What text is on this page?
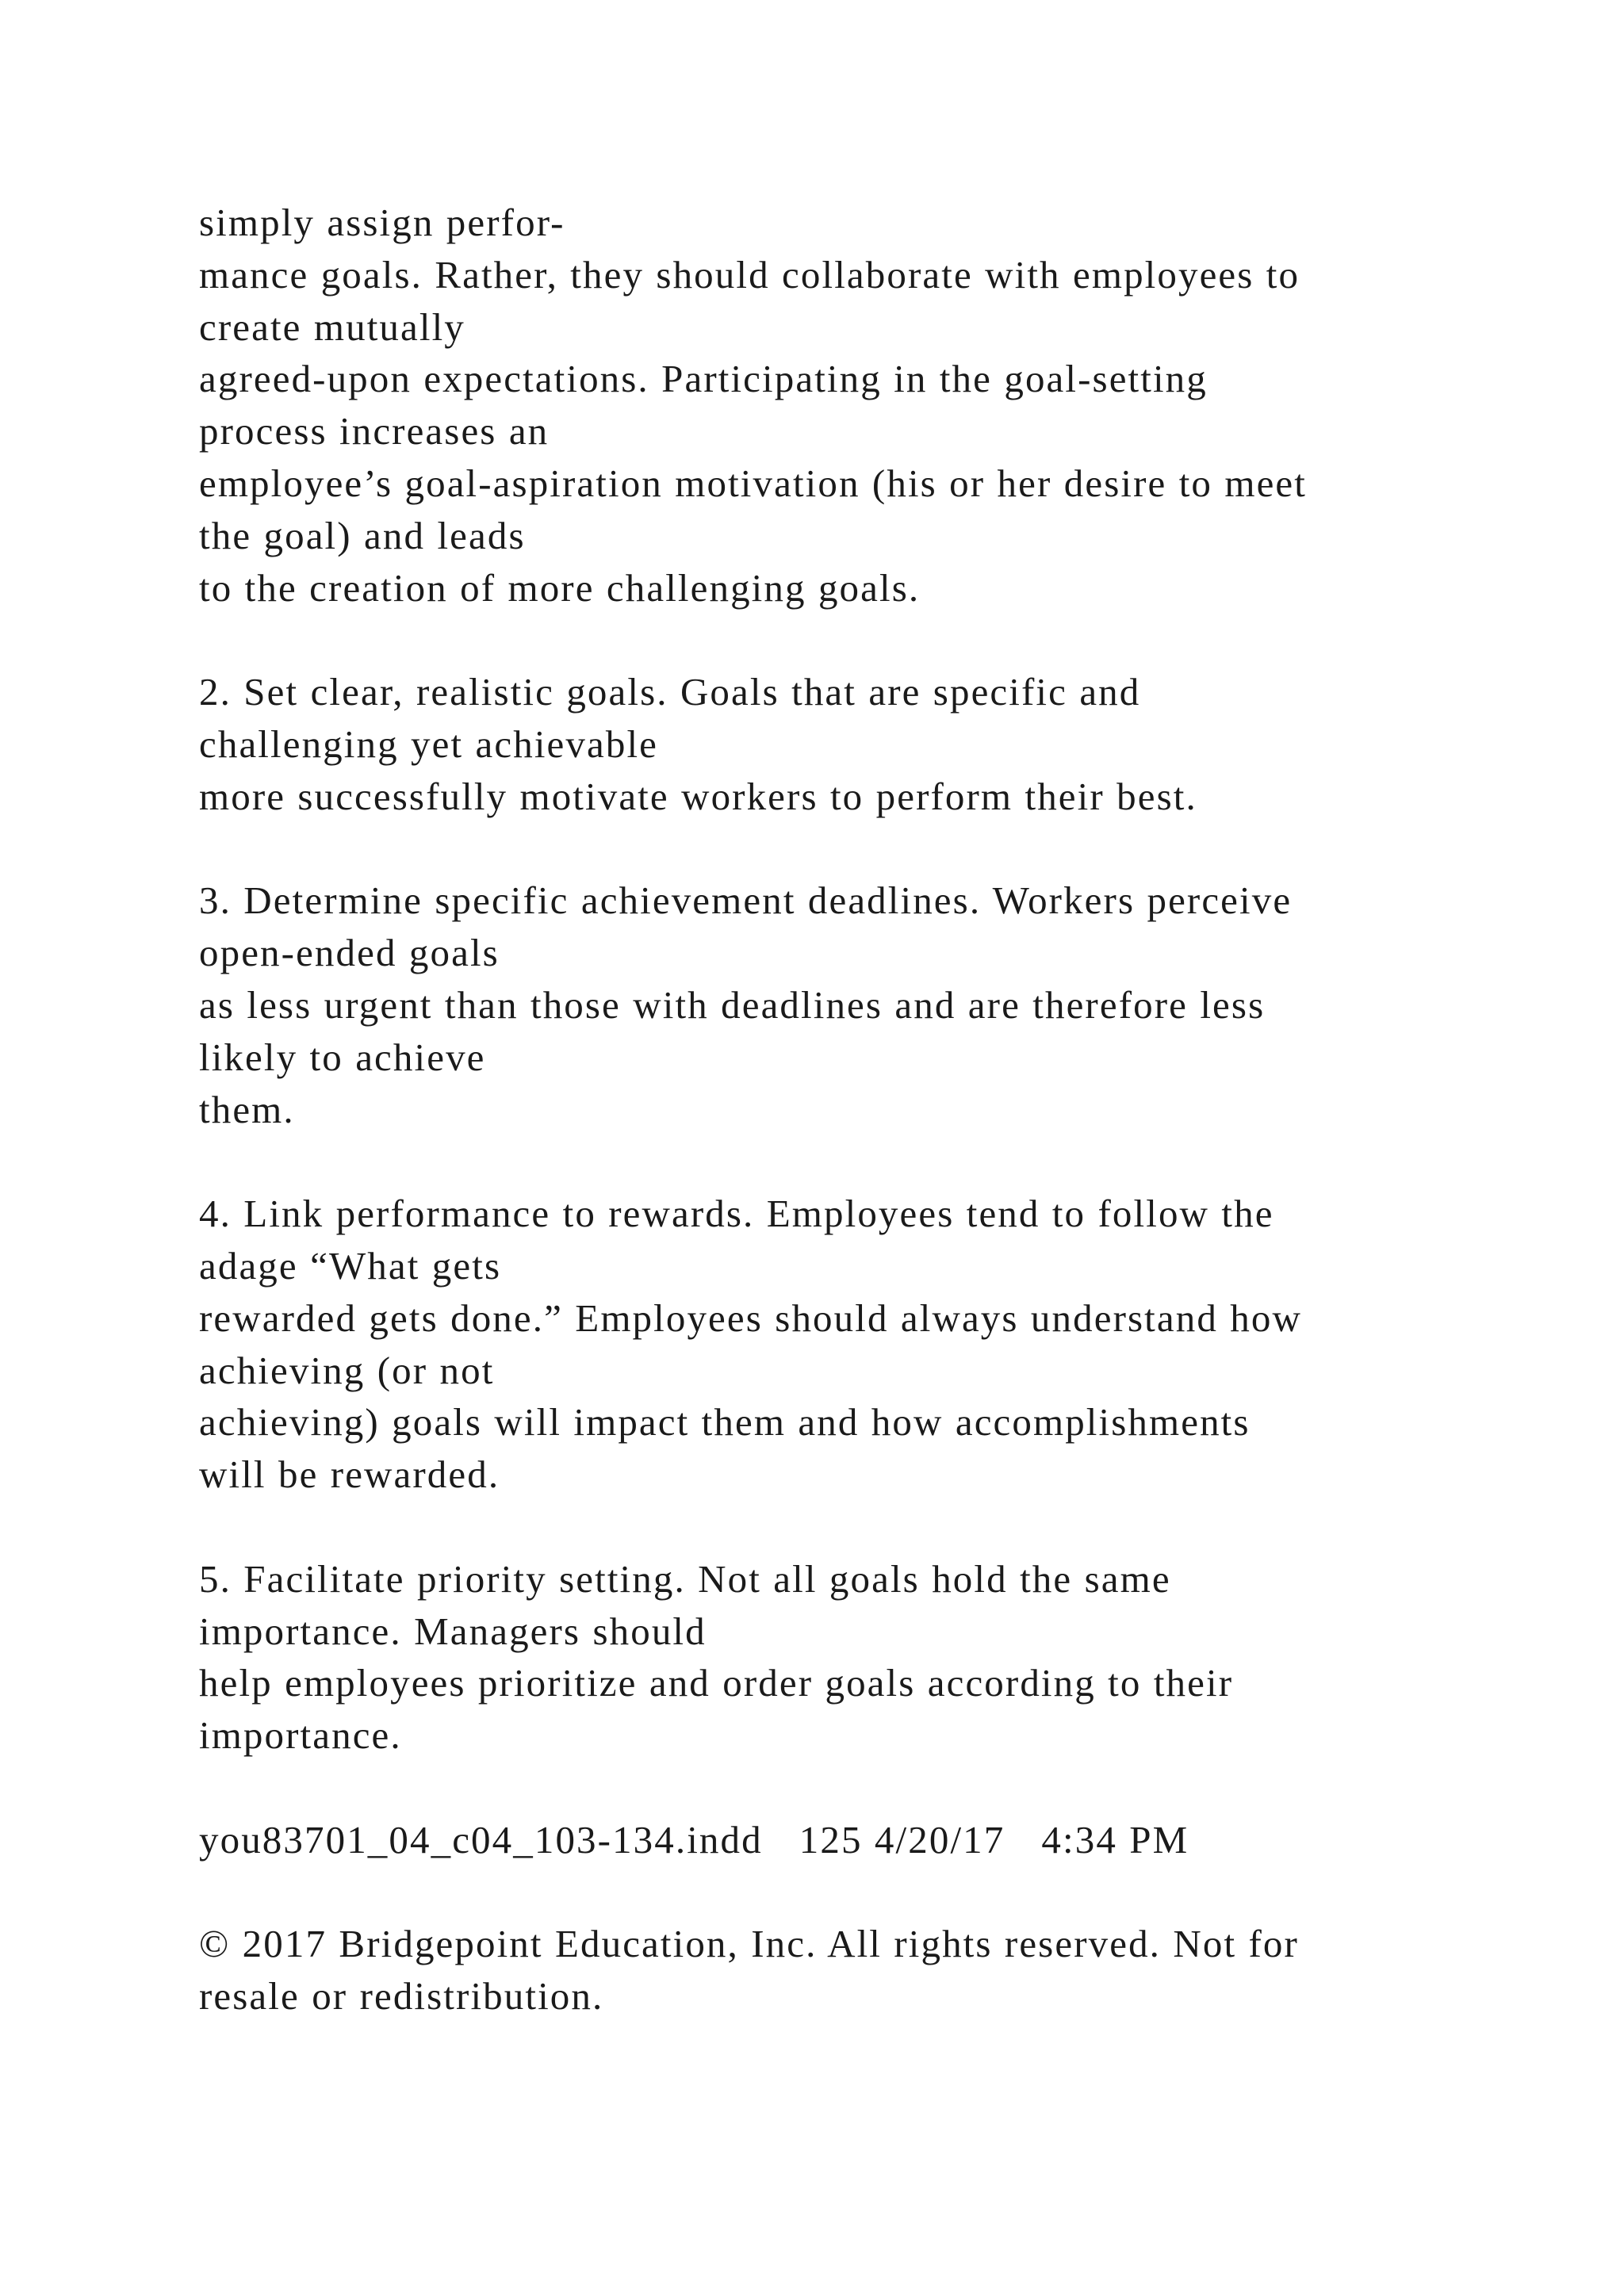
simply assign perfor-
mance goals. Rather, they should collaborate with employees to
create mutually
agreed-upon expectations. Participating in the goal-setting
process increases an
employee’s goal-aspiration motivation (his or her desire to meet
the goal) and leads
to the creation of more challenging goals.
2. Set clear, realistic goals. Goals that are specific and
challenging yet achievable
more successfully motivate workers to perform their best.
3. Determine specific achievement deadlines. Workers perceive
open-ended goals
as less urgent than those with deadlines and are therefore less
likely to achieve
them.
4. Link performance to rewards. Employees tend to follow the
adage “What gets
rewarded gets done.” Employees should always understand how
achieving (or not
achieving) goals will impact them and how accomplishments
will be rewarded.
5. Facilitate priority setting. Not all goals hold the same
importance. Managers should
help employees prioritize and order goals according to their
importance.
you83701_04_c04_103-134.indd   125 4/20/17   4:34 PM
© 2017 Bridgepoint Education, Inc. All rights reserved. Not for
resale or redistribution.
